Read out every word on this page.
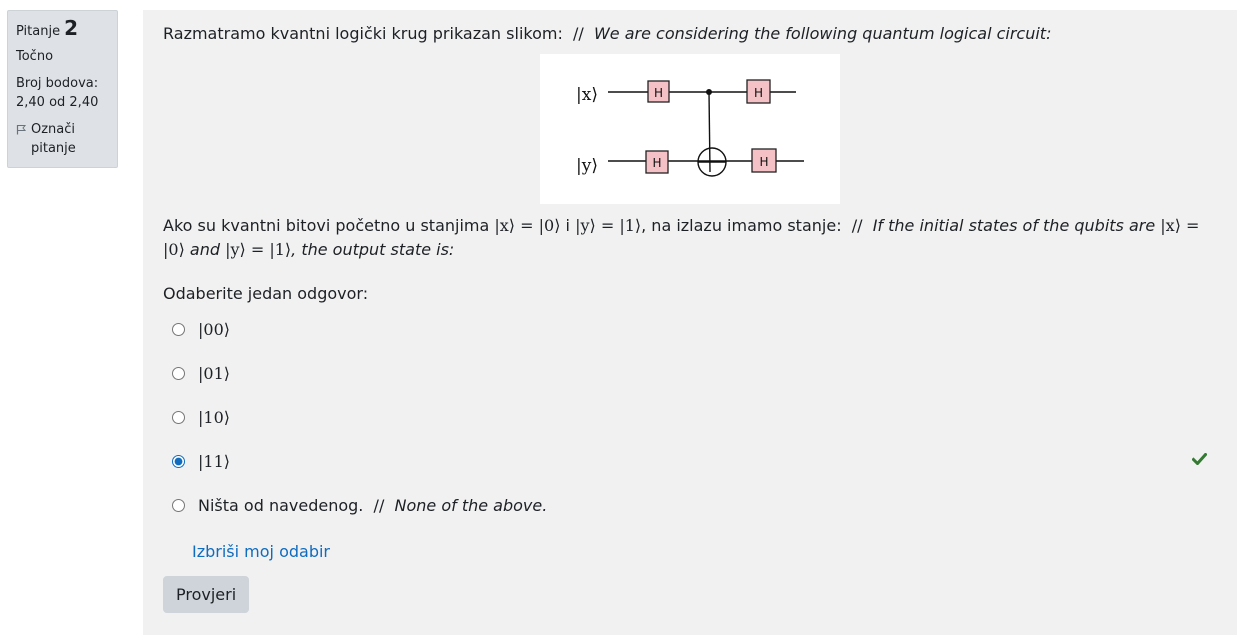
Pitanje 2

Točno

Broj bodova:
2,40 od 2,40

Označi pitanje
Razmatramo kvantni logički krug prikazan slikom: // We are considering the following quantum logical circuit:
|x⟩
|y⟩
H	H
H	H
Ako su kvantni bitovi početno u stanjima |x⟩ = |0⟩ i |y⟩ = |1⟩, na izlazu imamo stanje: // If the initial states of the qubits are |x⟩ = |0⟩ and |y⟩ = |1⟩, the output state is:
Odaberite jedan odgovor:
|00⟩
|01⟩
|10⟩
|11⟩
Ništa od navedenog. // None of the above.
Izbriši moj odabir
Provjeri
